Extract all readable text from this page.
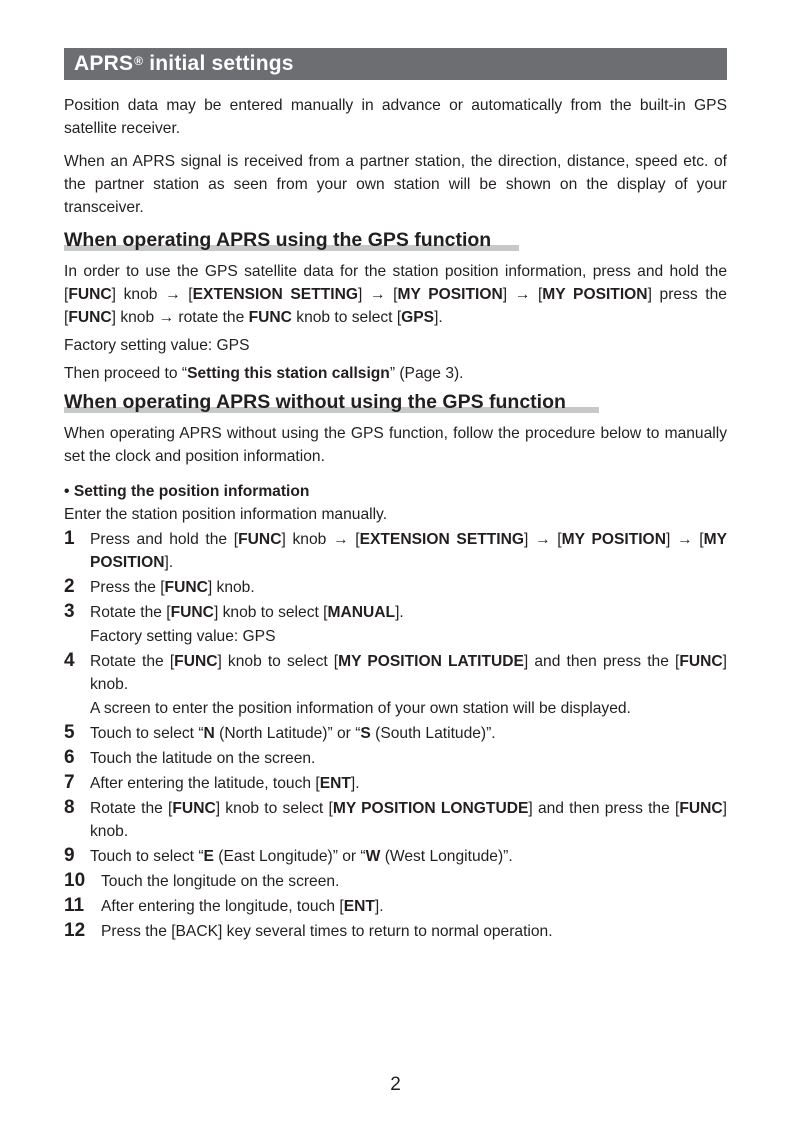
APRS® initial settings

Position data may be entered manually in advance or automatically from the built-in GPS satellite receiver.

When an APRS signal is received from a partner station, the direction, distance, speed etc. of the partner station as seen from your own station will be shown on the display of your transceiver.

When operating APRS using the GPS function

In order to use the GPS satellite data for the station position information, press and hold the [FUNC] knob → [EXTENSION SETTING] → [MY POSITION] → [MY POSITION] press the [FUNC] knob → rotate the FUNC knob to select [GPS].

Factory setting value: GPS

Then proceed to “Setting this station callsign” (Page 3).

When operating APRS without using the GPS function

When operating APRS without using the GPS function, follow the procedure below to manually set the clock and position information.

• Setting the position information

Enter the station position information manually.

1 Press and hold the [FUNC] knob → [EXTENSION SETTING] → [MY POSITION] → [MY POSITION].
2 Press the [FUNC] knob.
3 Rotate the [FUNC] knob to select [MANUAL].
Factory setting value: GPS
4 Rotate the [FUNC] knob to select [MY POSITION LATITUDE] and then press the [FUNC] knob.
A screen to enter the position information of your own station will be displayed.
5 Touch to select “N (North Latitude)” or “S (South Latitude)”.
6 Touch the latitude on the screen.
7 After entering the latitude, touch [ENT].
8 Rotate the [FUNC] knob to select [MY POSITION LONGTUDE] and then press the [FUNC] knob.
9 Touch to select “E (East Longitude)” or “W (West Longitude)”.
10 Touch the longitude on the screen.
11 After entering the longitude, touch [ENT].
12 Press the [BACK] key several times to return to normal operation.
2
